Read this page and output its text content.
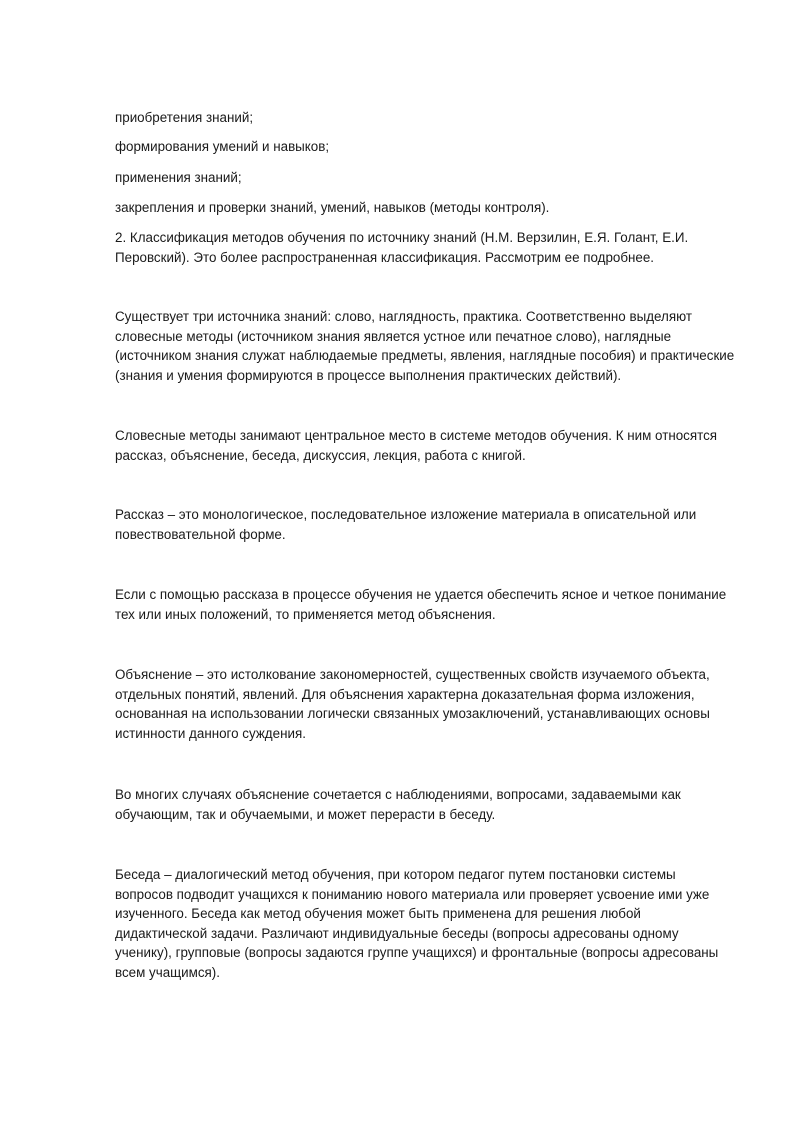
приобретения знаний;

формирования умений и навыков;

применения знаний;

закрепления и проверки знаний, умений, навыков (методы контроля).

2. Классификация методов обучения по источнику знаний (Н.М. Верзилин, Е.Я. Голант, Е.И. Перовский). Это более распространенная классификация. Рассмотрим ее подробнее.

Существует три источника знаний: слово, наглядность, практика. Соответственно выделяют словесные методы (источником знания является устное или печатное слово), наглядные (источником знания служат наблюдаемые предметы, явления, наглядные пособия) и практические (знания и умения формируются в процессе выполнения практических действий).

Словесные методы занимают центральное место в системе методов обучения. К ним относятся рассказ, объяснение, беседа, дискуссия, лекция, работа с книгой.

Рассказ – это монологическое, последовательное изложение материала в описательной или повествовательной форме.

Если с помощью рассказа в процессе обучения не удается обеспечить ясное и четкое понимание тех или иных положений, то применяется метод объяснения.

Объяснение – это истолкование закономерностей, существенных свойств изучаемого объекта, отдельных понятий, явлений. Для объяснения характерна доказательная форма изложения, основанная на использовании логически связанных умозаключений, устанавливающих основы истинности данного суждения.

Во многих случаях объяснение сочетается с наблюдениями, вопросами, задаваемыми как обучающим, так и обучаемыми, и может перерасти в беседу.

Беседа – диалогический метод обучения, при котором педагог путем постановки системы вопросов подводит учащихся к пониманию нового материала или проверяет усвоение ими уже изученного. Беседа как метод обучения может быть применена для решения любой дидактической задачи. Различают индивидуальные беседы (вопросы адресованы одному ученику), групповые (вопросы задаются группе учащихся) и фронтальные (вопросы адресованы всем учащимся).
